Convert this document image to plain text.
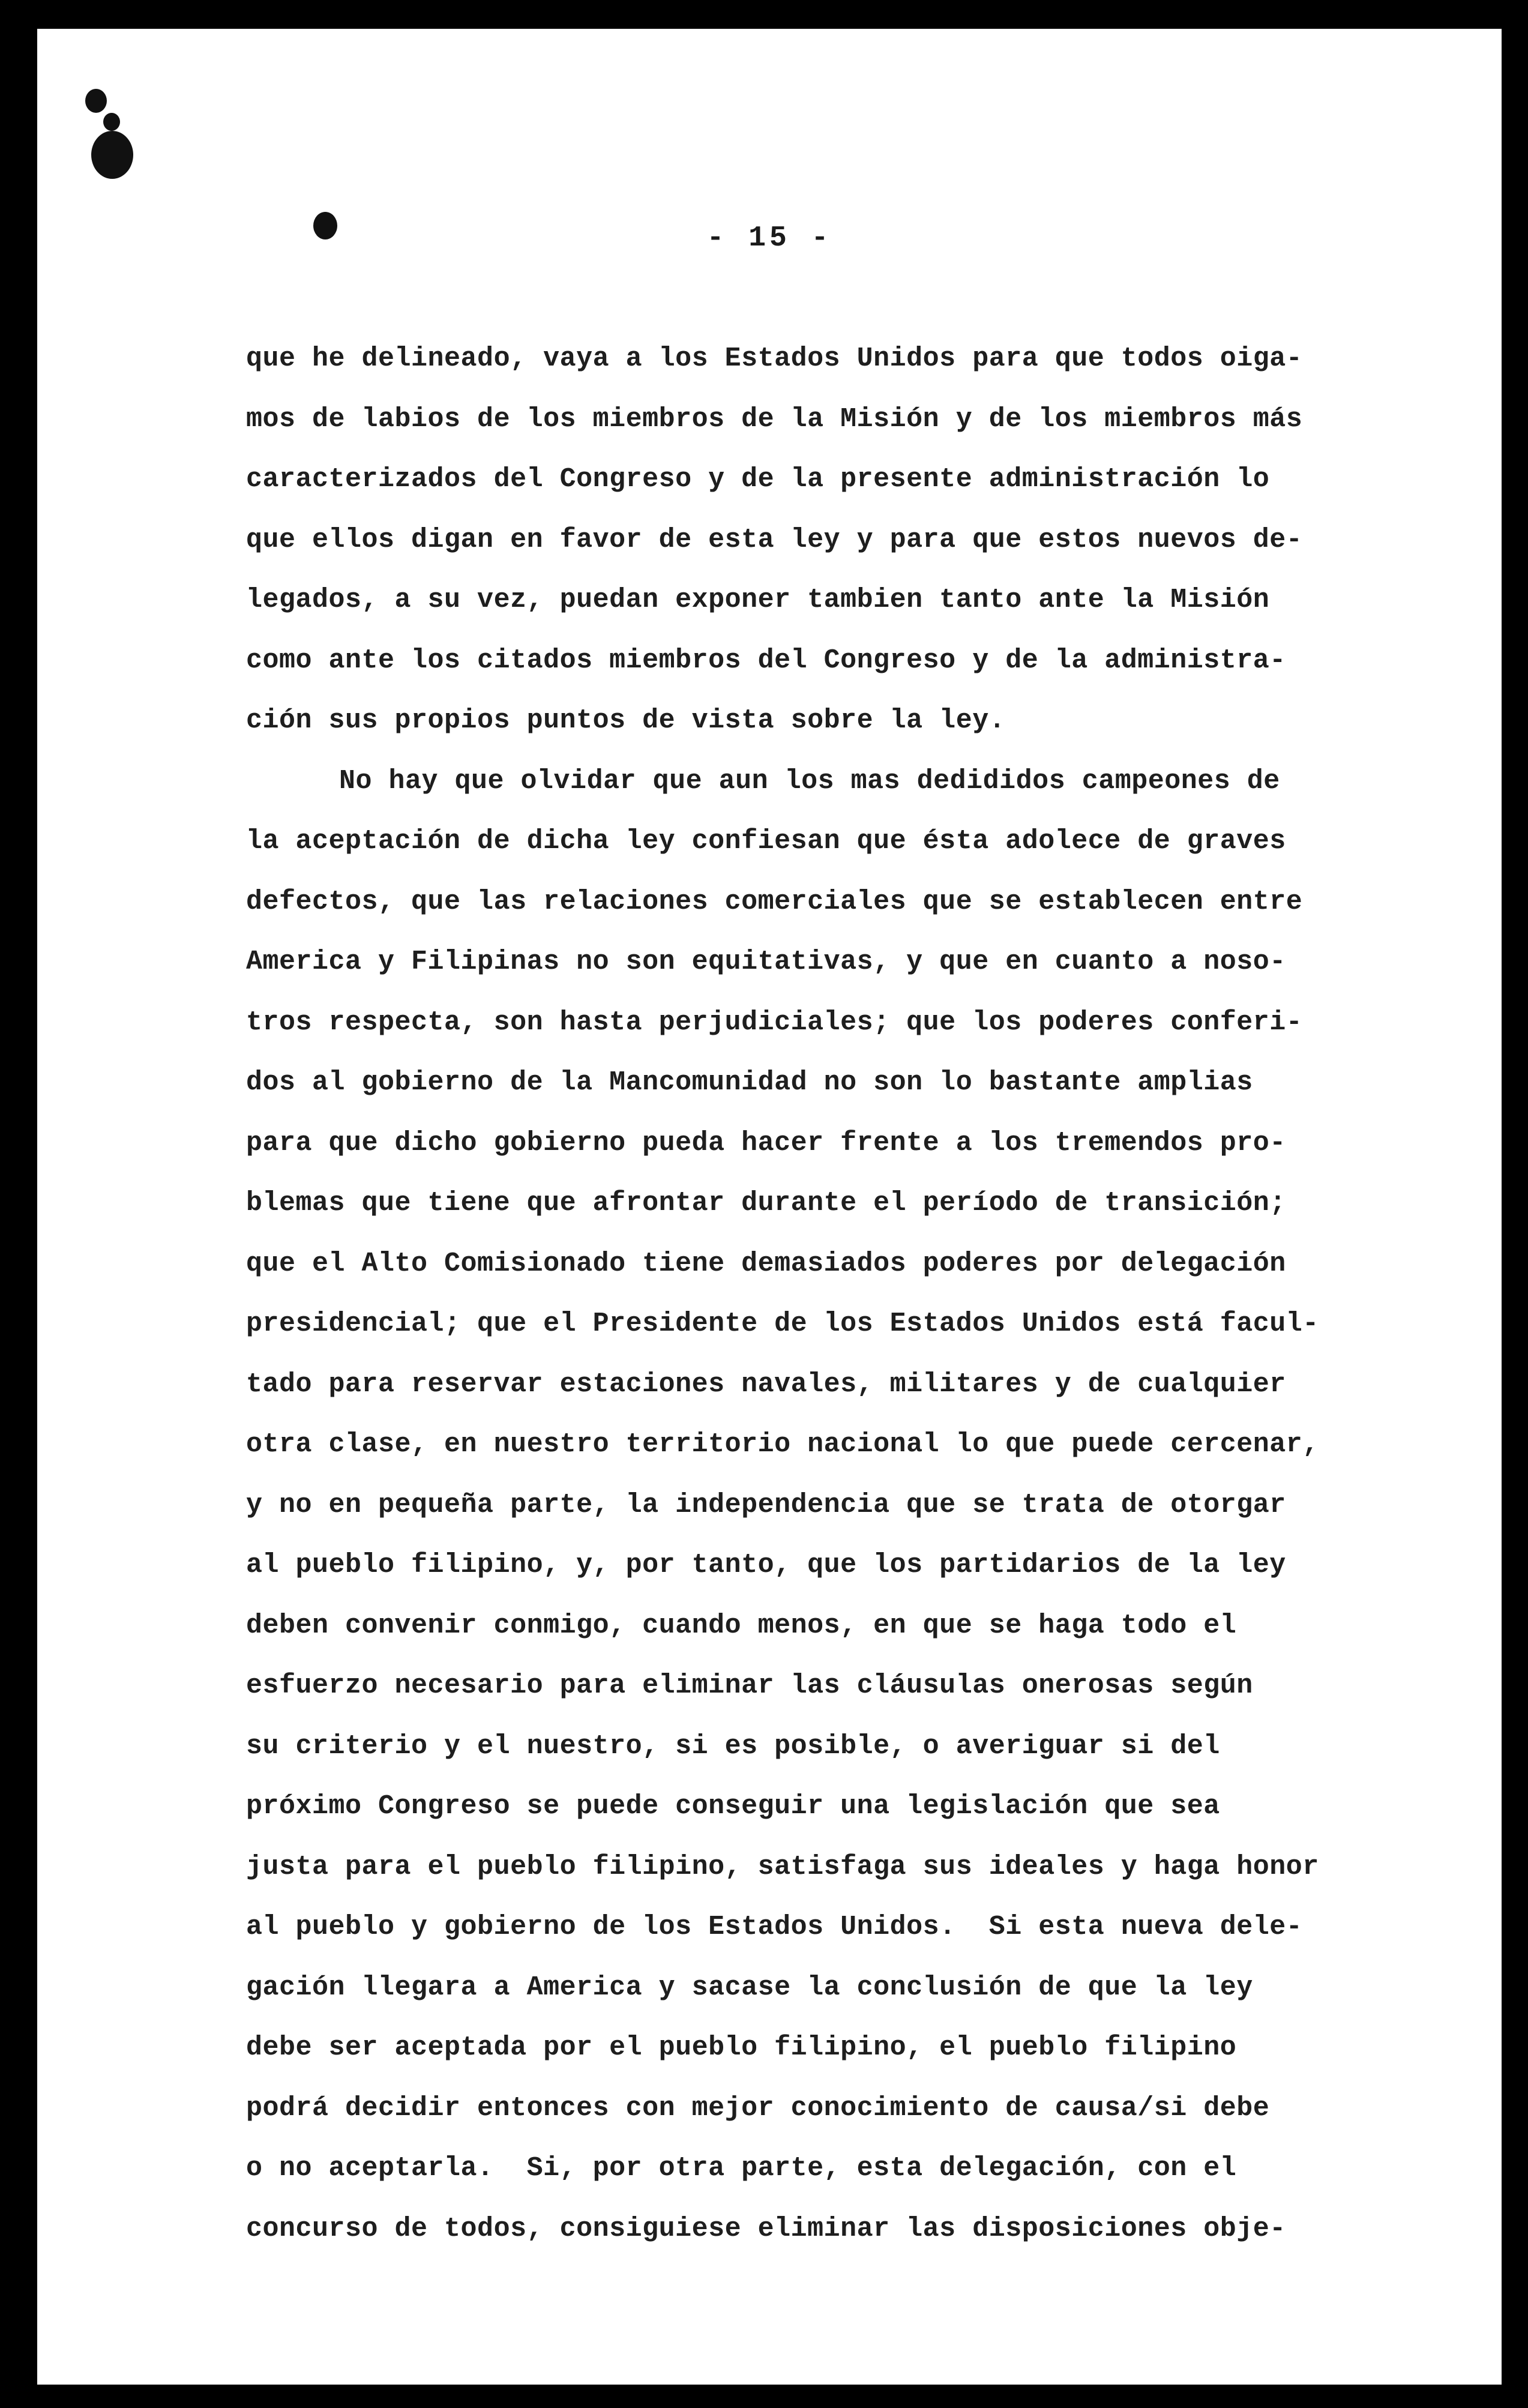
- 15 -
que he delineado, vaya a los Estados Unidos para que todos oiga-
mos de labios de los miembros de la Misión y de los miembros más
caracterizados del Congreso y de la presente administración lo
que ellos digan en favor de esta ley y para que estos nuevos de-
legados, a su vez, puedan exponer tambien tanto ante la Misión
como ante los citados miembros del Congreso y de la administra-
ción sus propios puntos de vista sobre la ley.
No hay que olvidar que aun los mas dedididos campeones de
la aceptación de dicha ley confiesan que ésta adolece de graves
defectos, que las relaciones comerciales que se establecen entre
America y Filipinas no son equitativas, y que en cuanto a noso-
tros respecta, son hasta perjudiciales; que los poderes conferi-
dos al gobierno de la Mancomunidad no son lo bastante amplias
para que dicho gobierno pueda hacer frente a los tremendos pro-
blemas que tiene que afrontar durante el período de transición;
que el Alto Comisionado tiene demasiados poderes por delegación
presidencial; que el Presidente de los Estados Unidos está facul-
tado para reservar estaciones navales, militares y de cualquier
otra clase, en nuestro territorio nacional lo que puede cercenar,
y no en pequeña parte, la independencia que se trata de otorgar
al pueblo filipino, y, por tanto, que los partidarios de la ley
deben convenir conmigo, cuando menos, en que se haga todo el
esfuerzo necesario para eliminar las cláusulas onerosas según
su criterio y el nuestro, si es posible, o averiguar si del
próximo Congreso se puede conseguir una legislación que sea
justa para el pueblo filipino, satisfaga sus ideales y haga honor
al pueblo y gobierno de los Estados Unidos.  Si esta nueva dele-
gación llegara a America y sacase la conclusión de que la ley
debe ser aceptada por el pueblo filipino, el pueblo filipino
podrá decidir entonces con mejor conocimiento de causa/si debe
o no aceptarla.  Si, por otra parte, esta delegación, con el
concurso de todos, consiguiese eliminar las disposiciones obje-
